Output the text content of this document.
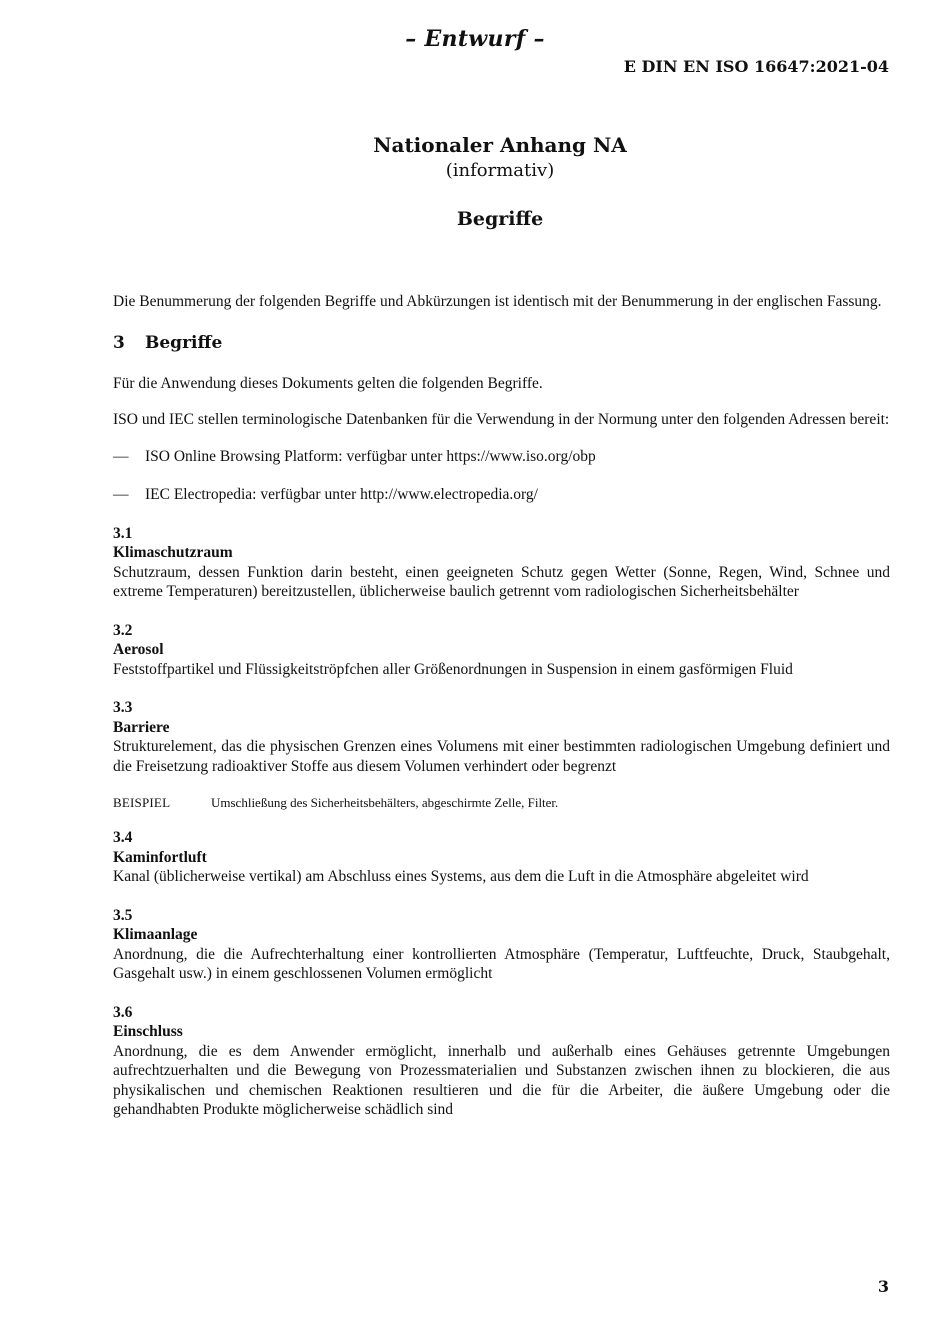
– Entwurf –
E DIN EN ISO 16647:2021-04
Nationaler Anhang NA
(informativ)
Begriffe

Die Benummerung der folgenden Begriffe und Abkürzungen ist identisch mit der Benummerung in der englischen Fassung.

3 Begriffe

Für die Anwendung dieses Dokuments gelten die folgenden Begriffe.

ISO und IEC stellen terminologische Datenbanken für die Verwendung in der Normung unter den folgenden Adressen bereit:

—	ISO Online Browsing Platform: verfügbar unter https://www.iso.org/obp
—	IEC Electropedia: verfügbar unter http://www.electropedia.org/
3.1
Klimaschutzraum

Schutzraum, dessen Funktion darin besteht, einen geeigneten Schutz gegen Wetter (Sonne, Regen, Wind, Schnee und extreme Temperaturen) bereitzustellen, üblicherweise baulich getrennt vom radiologischen Sicherheitsbehälter

3.2
Aerosol

Feststoffpartikel und Flüssigkeitströpfchen aller Größenordnungen in Suspension in einem gasförmigen Fluid

3.3
Barriere

Strukturelement, das die physischen Grenzen eines Volumens mit einer bestimmten radiologischen Umgebung definiert und die Freisetzung radioaktiver Stoffe aus diesem Volumen verhindert oder begrenzt

BEISPIEL	Umschließung des Sicherheitsbehälters, abgeschirmte Zelle, Filter.
3.4
Kaminfortluft

Kanal (üblicherweise vertikal) am Abschluss eines Systems, aus dem die Luft in die Atmosphäre abgeleitet wird

3.5
Klimaanlage

Anordnung, die die Aufrechterhaltung einer kontrollierten Atmosphäre (Temperatur, Luftfeuchte, Druck, Staubgehalt, Gasgehalt usw.) in einem geschlossenen Volumen ermöglicht

3.6
Einschluss

Anordnung, die es dem Anwender ermöglicht, innerhalb und außerhalb eines Gehäuses getrennte Umgebungen aufrechtzuerhalten und die Bewegung von Prozessmaterialien und Substanzen zwischen ihnen zu blockieren, die aus physikalischen und chemischen Reaktionen resultieren und die für die Arbeiter, die äußere Umgebung oder die gehandhabten Produkte möglicherweise schädlich sind

3
